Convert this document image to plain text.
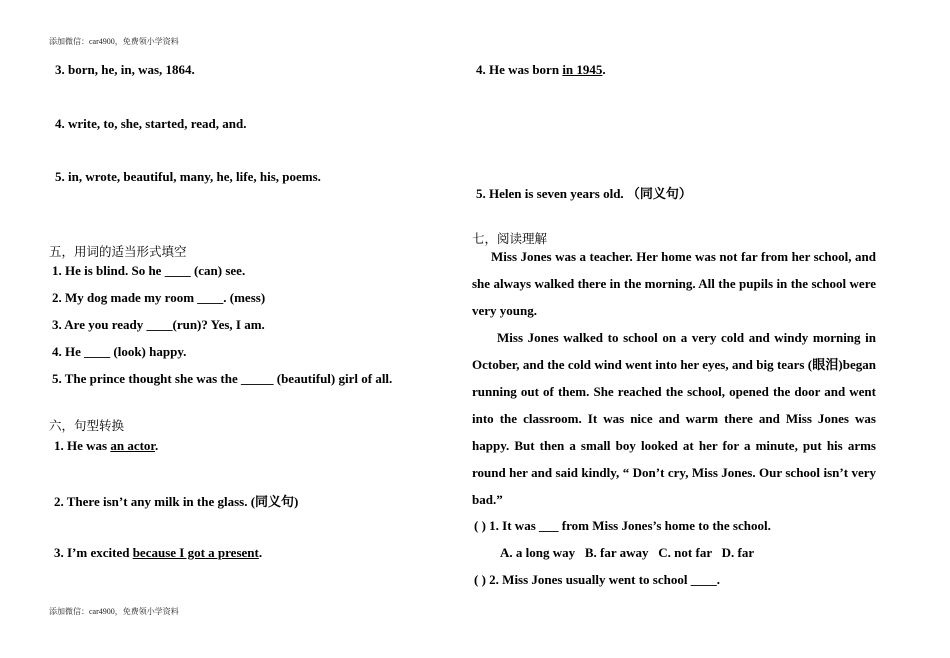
添加微信：car4900，免费领小学资料
添加微信：car4900，免费领小学资料
3. born, he, in, was, 1864.
4. write, to, she, started, read, and.
5. in, wrote, beautiful, many, he, life, his, poems.
五，用词的适当形式填空
1. He is blind. So he ____ (can) see.
2. My dog made my room ____. (mess)
3. Are you ready ____(run)? Yes, I am.
4. He ____ (look) happy.
5. The prince thought she was the _____ (beautiful) girl of all.
六，句型转换
1. He was an actor.
2. There isn’t any milk in the glass. (同义句)
3. I’m excited because I got a present.
4. He was born in 1945.
5. Helen is seven years old. （同义句）
七，阅读理解
Miss Jones was a teacher. Her home was not far from her school, and she always walked there in the morning. All the pupils in the school were very young.
Miss Jones walked to school on a very cold and windy morning in October, and the cold wind went into her eyes, and big tears (眼泪)began running out of them. She reached the school, opened the door and went into the classroom. It was nice and warm there and Miss Jones was happy. But then a small boy looked at her for a minute, put his arms round her and said kindly, “ Don’t cry, Miss Jones. Our school isn’t very bad.”
( ) 1. It was ___ from Miss Jones’s home to the school.
A. a long way   B. far away   C. not far   D. far
( ) 2. Miss Jones usually went to school ____.
